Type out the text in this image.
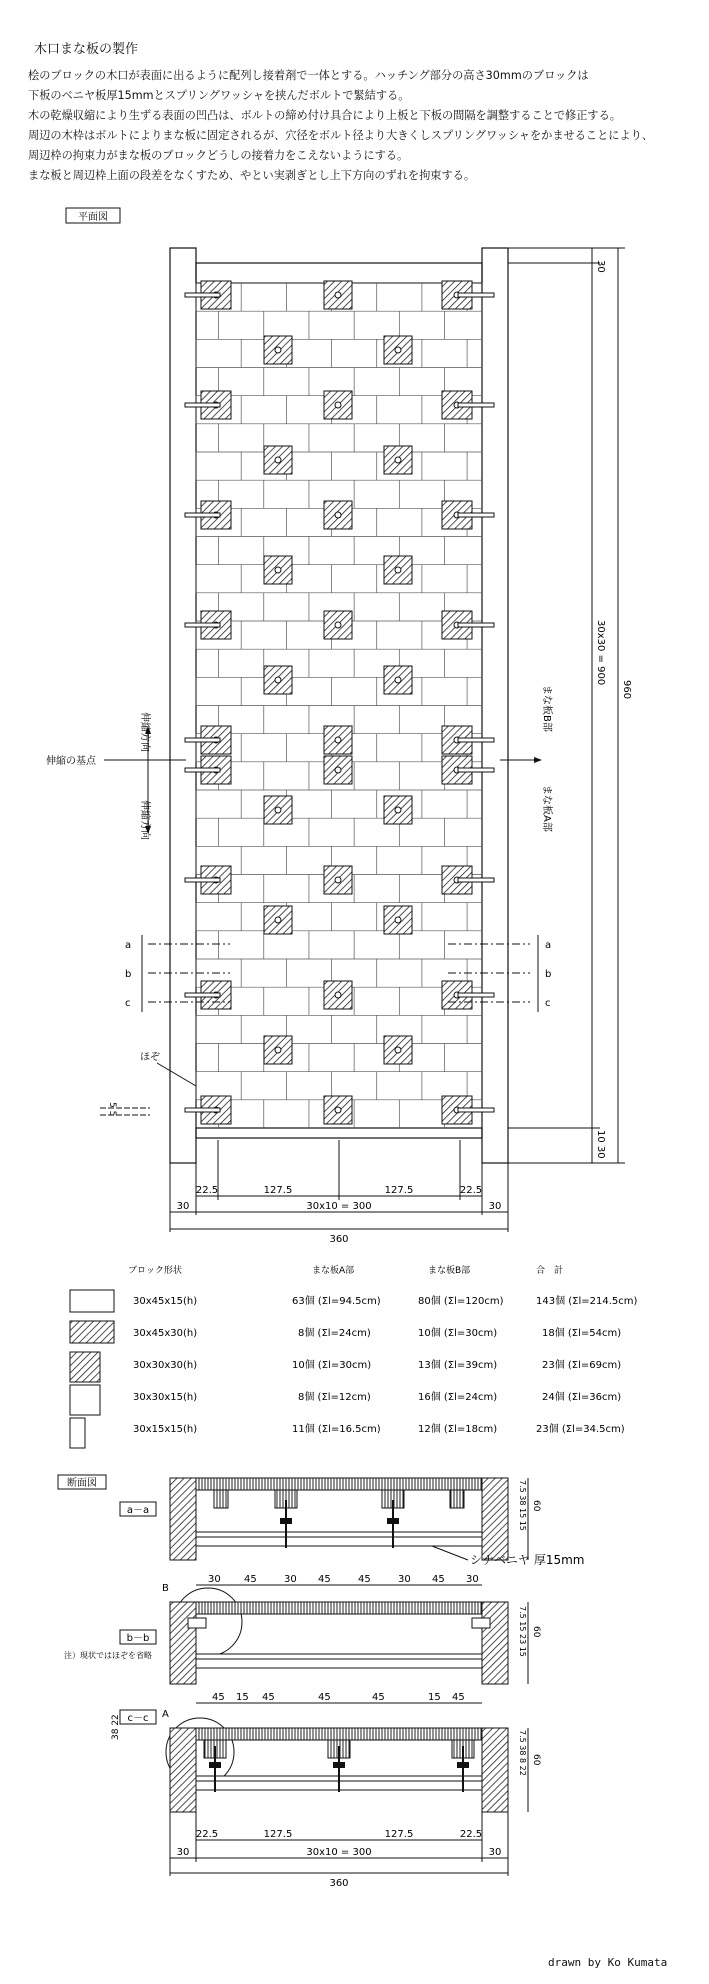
木口まな板の製作
桧のブロックの木口が表面に出るように配列し接着剤で一体とする。ハッチング部分の高さ30mmのブロックは
下板のベニヤ板厚15mmとスプリングワッシャを挟んだボルトで緊結する。
木の乾燥収縮により生ずる表面の凹凸は、ボルトの締め付け具合により上板と下板の間隔を調整することで修正する。
周辺の木枠はボルトによりまな板に固定されるが、穴径をボルト径より大きくしスプリングワッシャをかませることにより、
周辺枠の拘束力がまな板のブロックどうしの接着力をこえないようにする。
まな板と周辺枠上面の段差をなくすため、やとい実剥ぎとし上下方向のずれを拘束する。
平面図
伸縮方向
伸縮方向
伸縮の基点
まな板B部
まな板A部
ほぞ
a	a
b	b
c	c
30
30x30 = 900
960
10 30
5 5
22.5	127.5	127.5	22.5
30	30x10 = 300	30
360
ブロック形状	まな板A部	まな板B部	合　計
30x45x15(h)	63個 (Σl=94.5cm)	80個 (Σl=120cm)	143個 (Σl=214.5cm)
30x45x30(h)	8個 (Σl=24cm)	10個 (Σl=30cm)	18個 (Σl=54cm)
30x30x30(h)	10個 (Σl=30cm)	13個 (Σl=39cm)	23個 (Σl=69cm)
30x30x15(h)	8個 (Σl=12cm)	16個 (Σl=24cm)	24個 (Σl=36cm)
30x15x15(h)	11個 (Σl=16.5cm)	12個 (Σl=18cm)	23個 (Σl=34.5cm)
断面図
a－a
シナベニヤ 厚15mm
7.5 38 15 15 60
30 45	30 45	45	30 45 30
B
b－b
注）現状ではほぞを省略	7.5 15 23 15 60
45 15 45	45	45	15 45
c－c A
38 22
7.5 38 8 22 60
22.5	127.5	127.5	22.5
30	30x10 = 300	30
360
drawn by Ko Kumata
